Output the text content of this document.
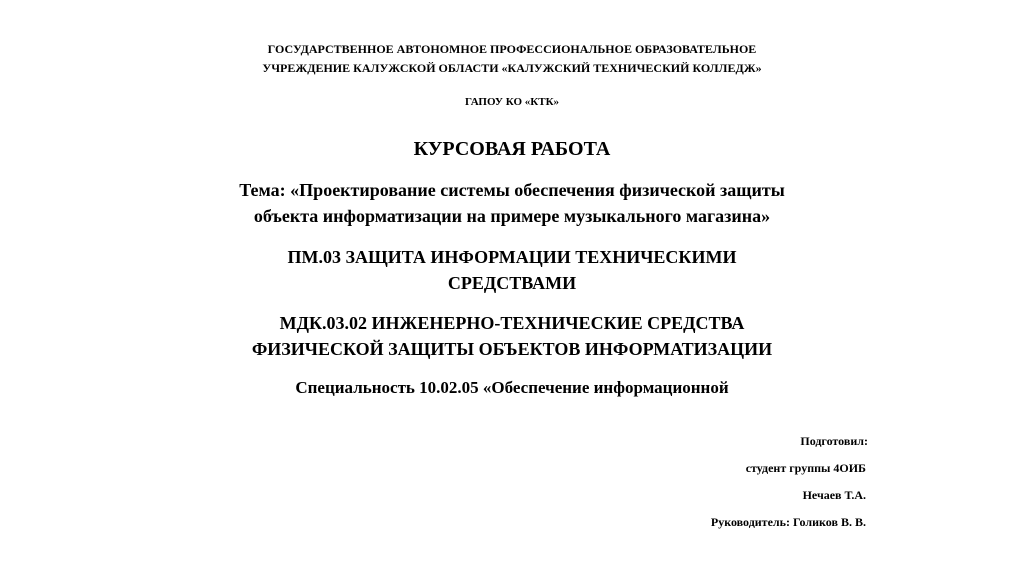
ГОСУДАРСТВЕННОЕ АВТОНОМНОЕ ПРОФЕССИОНАЛЬНОЕ ОБРАЗОВАТЕЛЬНОЕ
УЧРЕЖДЕНИЕ КАЛУЖСКОЙ ОБЛАСТИ «КАЛУЖСКИЙ ТЕХНИЧЕСКИЙ КОЛЛЕДЖ»
ГАПОУ КО «КТК»
КУРСОВАЯ РАБОТА
Тема: «Проектирование системы обеспечения физической защиты
объекта информатизации на примере музыкального магазина»
ПМ.03 ЗАЩИТА ИНФОРМАЦИИ ТЕХНИЧЕСКИМИ
СРЕДСТВАМИ
МДК.03.02 ИНЖЕНЕРНО-ТЕХНИЧЕСКИЕ СРЕДСТВА
ФИЗИЧЕСКОЙ ЗАЩИТЫ ОБЪЕКТОВ ИНФОРМАТИЗАЦИИ
Специальность 10.02.05 «Обеспечение информационной
Подготовил:
студент группы 4ОИБ
Нечаев Т.А.
Руководитель: Голиков В. В.
